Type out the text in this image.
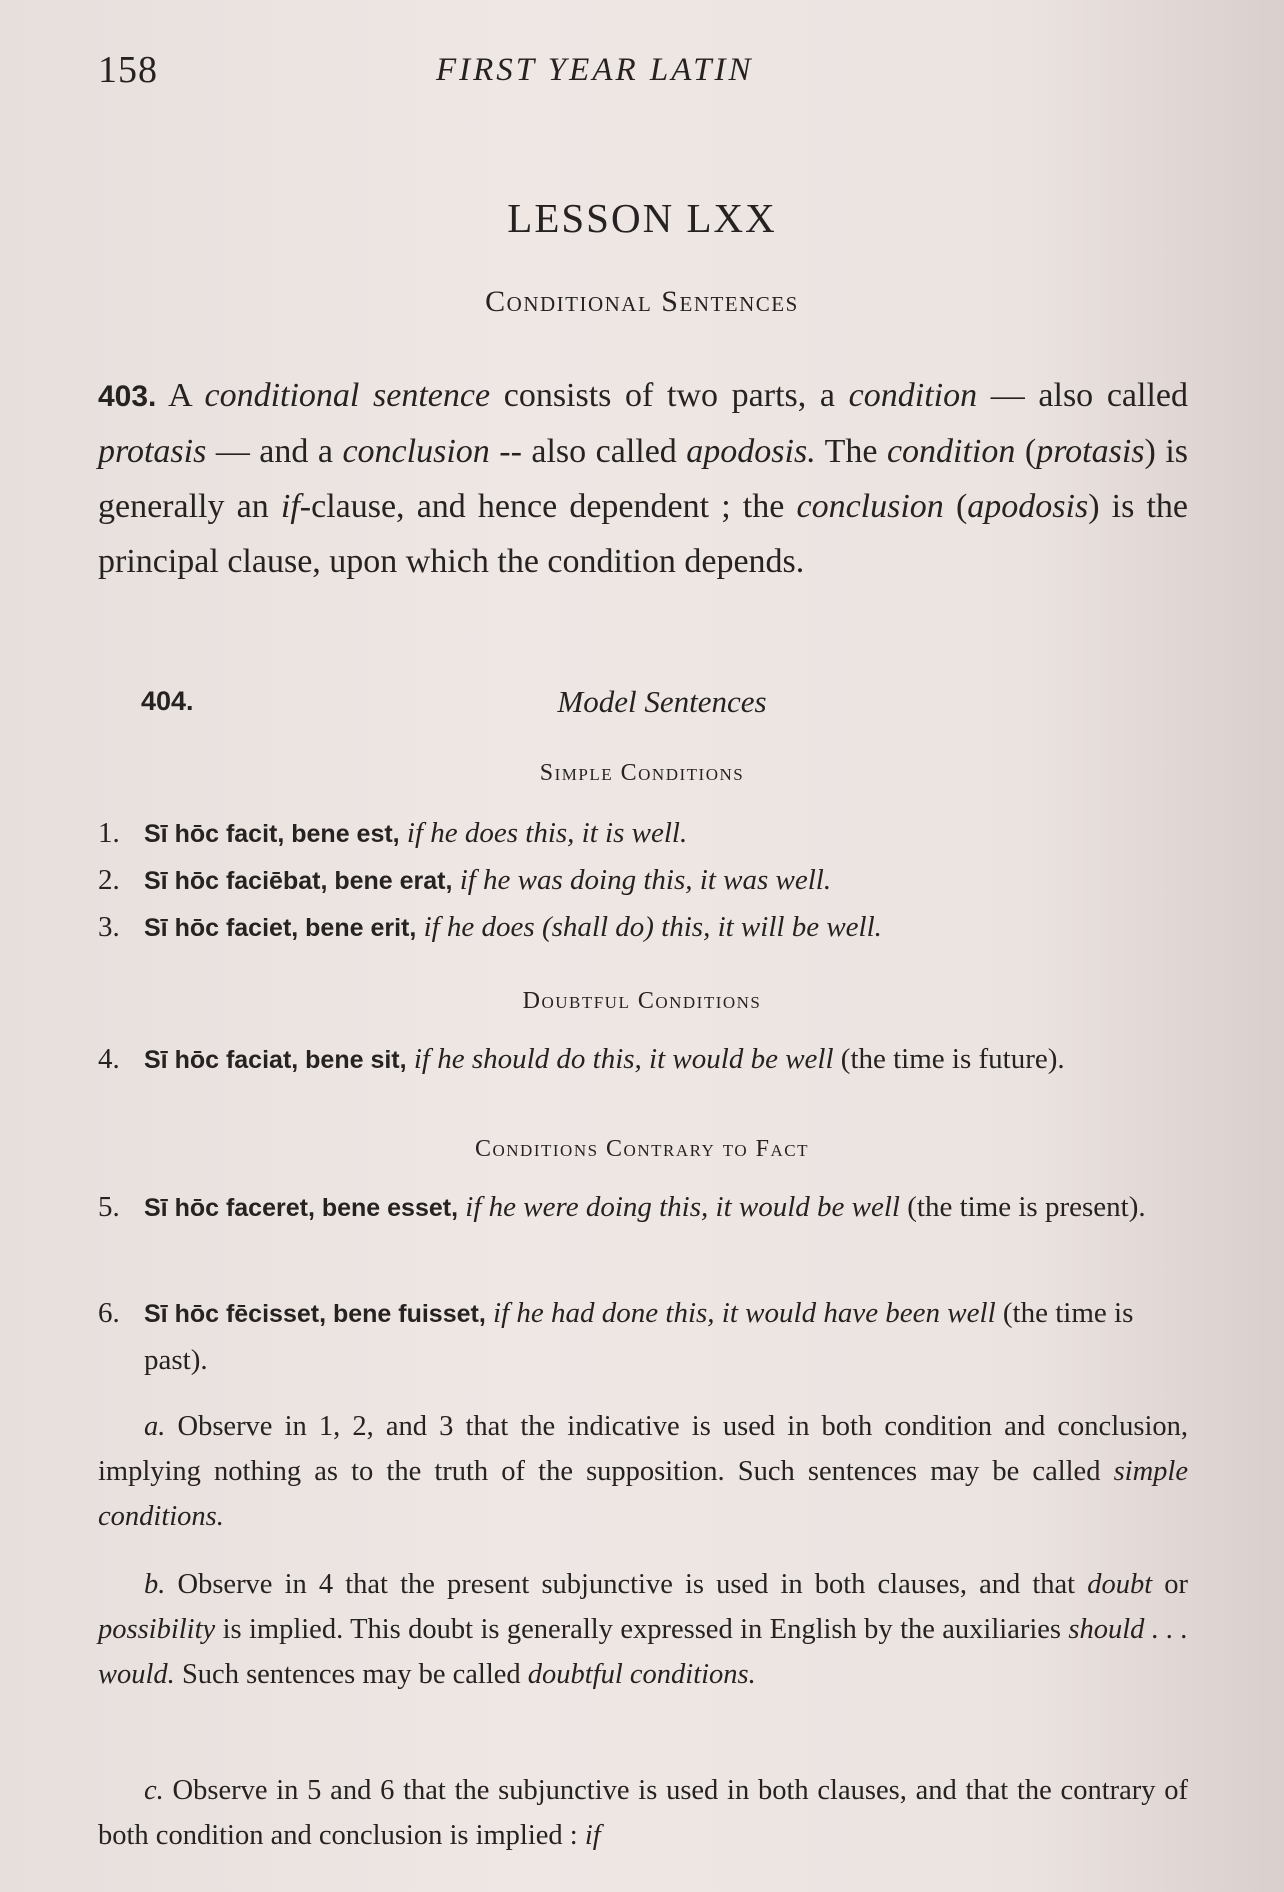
158	FIRST YEAR LATIN
LESSON LXX
Conditional Sentences

403. A conditional sentence consists of two parts, a condition — also called protasis — and a conclusion -- also called apodosis. The condition (protasis) is generally an if-clause, and hence dependent ; the conclusion (apodosis) is the principal clause, upon which the condition depends.

404.	Model Sentences
Simple Conditions
1. Sī hōc facit, bene est, if he does this, it is well.
2. Sī hōc faciēbat, bene erat, if he was doing this, it was well.
3. Sī hōc faciet, bene erit, if he does (shall do) this, it will be well.
Doubtful Conditions
4. Sī hōc faciat, bene sit, if he should do this, it would be well (the time is future).
Conditions Contrary to Fact
5. Sī hōc faceret, bene esset, if he were doing this, it would be well (the time is present).
6. Sī hōc fēcisset, bene fuisset, if he had done this, it would have been well (the time is past).

a. Observe in 1, 2, and 3 that the indicative is used in both condition and conclusion, implying nothing as to the truth of the supposition. Such sentences may be called simple conditions.

b. Observe in 4 that the present subjunctive is used in both clauses, and that doubt or possibility is implied. This doubt is generally expressed in English by the auxiliaries should . . . would. Such sentences may be called doubtful conditions.

c. Observe in 5 and 6 that the subjunctive is used in both clauses, and that the contrary of both condition and conclusion is implied : if
